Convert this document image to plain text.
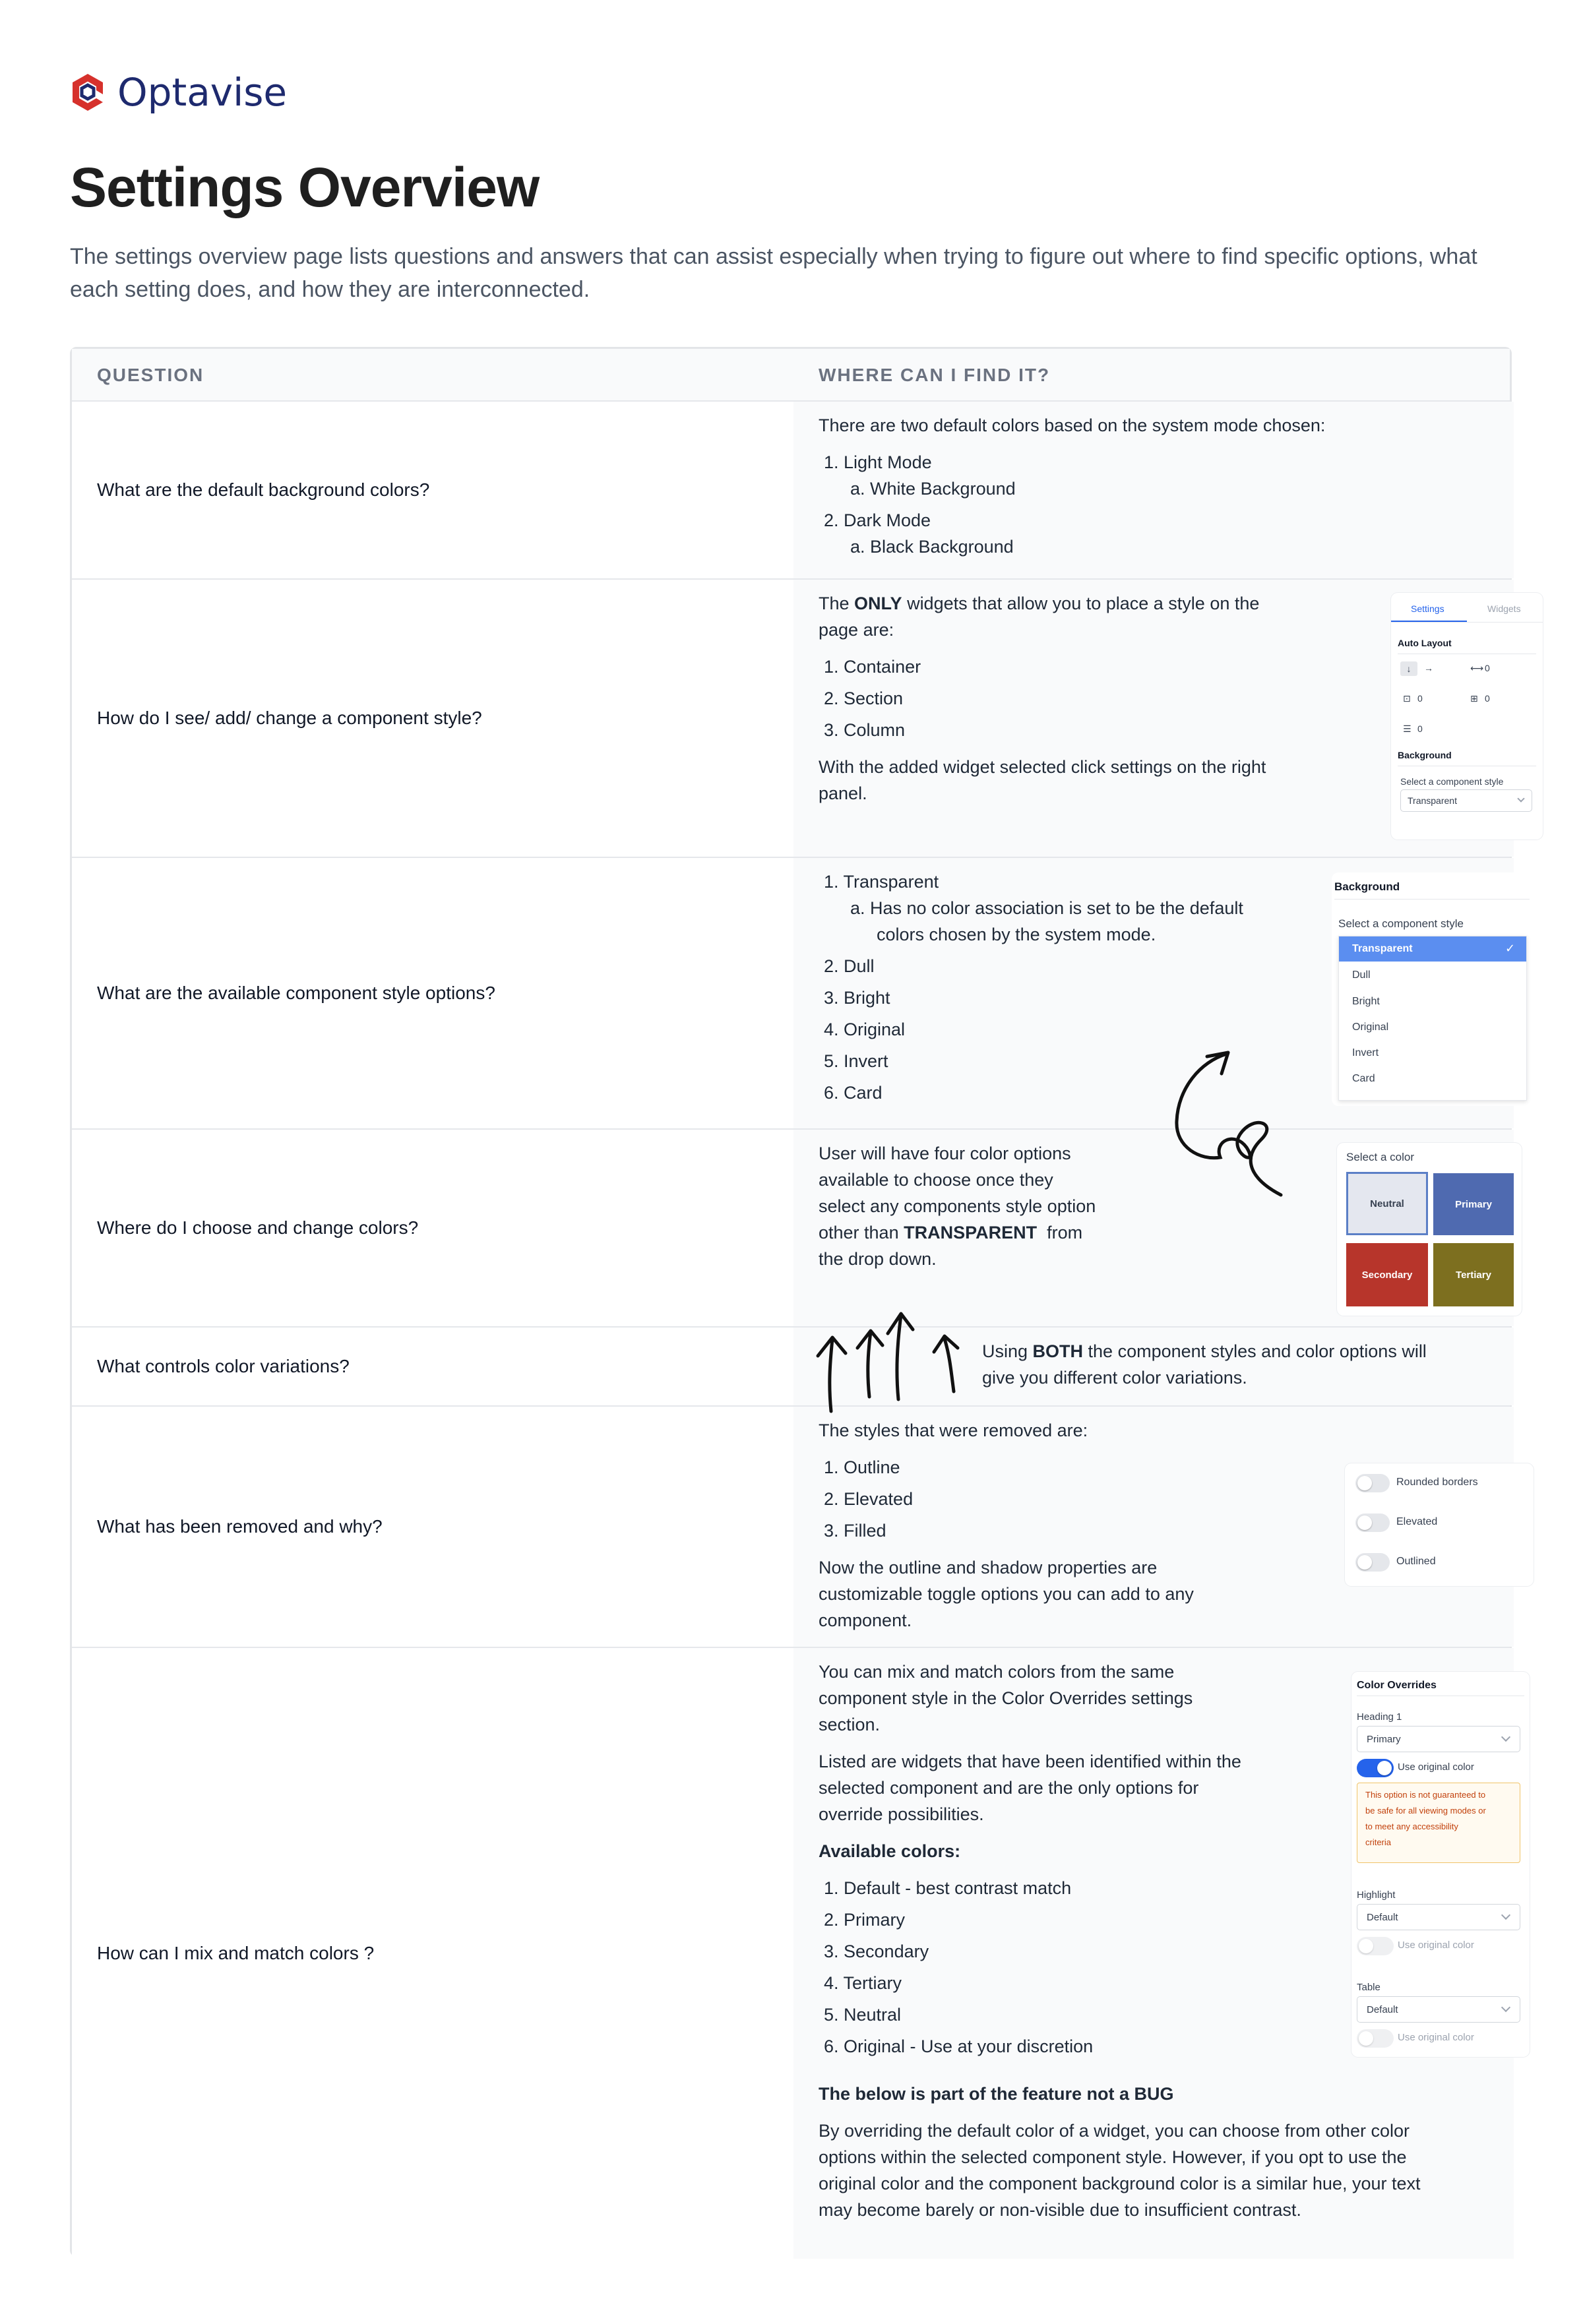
Optavise
Settings Overview

The settings overview page lists questions and answers that can assist especially when trying to figure out where to find specific options, what each setting does, and how they are interconnected.

QUESTION	WHERE CAN I FIND IT?
What are the default background colors?
There are two default colors based on the system mode chosen:
1. Light Mode
a. White Background
2. Dark Mode
a. Black Background
How do I see/ add/ change a component style?
The ONLY widgets that allow you to place a style on the
page are:
1. Container
2. Section
3. Column
With the added widget selected click settings on the right
panel.
Settings	Widgets
Auto Layout
↓	→	⟷ 0
⊡ 0	⊞ 0
☰ 0
Background
Select a component style
Transparent
What are the available component style options?
1. Transparent
a. Has no color association is set to be the default
colors chosen by the system mode.
2. Dull
3. Bright
4. Original
5. Invert
6. Card
Background
Select a component style
Transparent	✓
Dull
Bright
Original
Invert
Card
Where do I choose and change colors?
User will have four color options
available to choose once they
select any components style option
other than TRANSPARENT  from
the drop down.
Select a color
Neutral	Primary
Secondary	Tertiary
What controls color variations?
Using BOTH the component styles and color options will
give you different color variations.
What has been removed and why?
The styles that were removed are:
1. Outline
2. Elevated
3. Filled
Now the outline and shadow properties are
customizable toggle options you can add to any
component.
Rounded borders
Elevated
Outlined
How can I mix and match colors ?
You can mix and match colors from the same
component style in the Color Overrides settings
section.
Listed are widgets that have been identified within the
selected component and are the only options for
override possibilities.
Available colors:
1. Default - best contrast match
2. Primary
3. Secondary
4. Tertiary
5. Neutral
6. Original - Use at your discretion
The below is part of the feature not a BUG
By overriding the default color of a widget, you can choose from other color
options within the selected component style. However, if you opt to use the
original color and the component background color is a similar hue, your text
may become barely or non-visible due to insufficient contrast.
Color Overrides
Heading 1
Primary
Use original color
This option is not guaranteed to
be safe for all viewing modes or
to meet any accessibility
criteria
Highlight
Default
Use original color
Table
Default
Use original color
